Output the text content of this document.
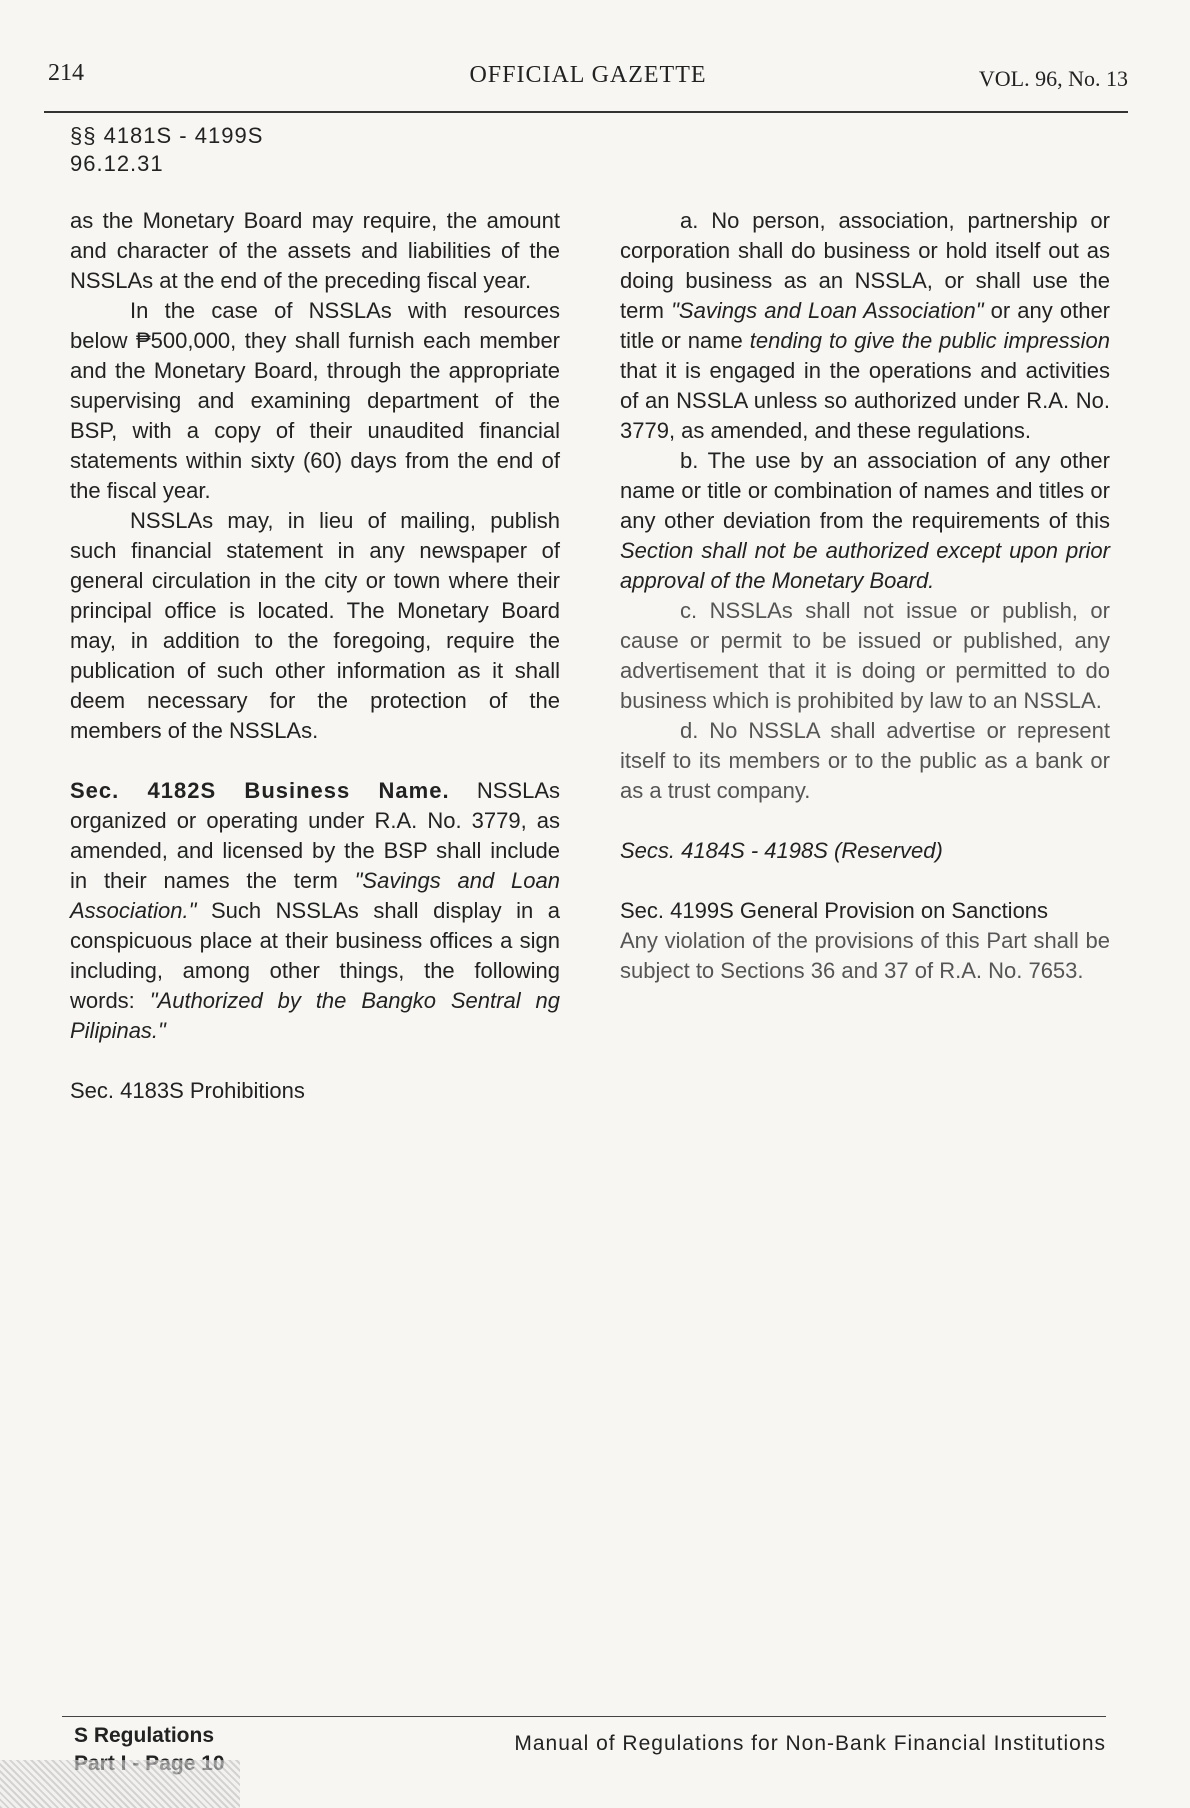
214	OFFICIAL GAZETTE	VOL. 96, No. 13
§§ 4181S - 4199S
96.12.31

as the Monetary Board may require, the amount and character of the assets and liabilities of the NSSLAs at the end of the preceding fiscal year.

In the case of NSSLAs with resources below ₱500,000, they shall furnish each member and the Monetary Board, through the appropriate supervising and examining department of the BSP, with a copy of their unaudited financial statements within sixty (60) days from the end of the fiscal year.

NSSLAs may, in lieu of mailing, publish such financial statement in any newspaper of general circulation in the city or town where their principal office is located. The Monetary Board may, in addition to the foregoing, require the publication of such other information as it shall deem necessary for the protection of the members of the NSSLAs.

Sec. 4182S Business Name. NSSLAs organized or operating under R.A. No. 3779, as amended, and licensed by the BSP shall include in their names the term "Savings and Loan Association." Such NSSLAs shall display in a conspicuous place at their business offices a sign including, among other things, the following words: "Authorized by the Bangko Sentral ng Pilipinas."

Sec. 4183S Prohibitions

a. No person, association, partnership or corporation shall do business or hold itself out as doing business as an NSSLA, or shall use the term "Savings and Loan Association" or any other title or name tending to give the public impression that it is engaged in the operations and activities of an NSSLA unless so authorized under R.A. No. 3779, as amended, and these regulations.

b. The use by an association of any other name or title or combination of names and titles or any other deviation from the requirements of this Section shall not be authorized except upon prior approval of the Monetary Board.

c. NSSLAs shall not issue or publish, or cause or permit to be issued or published, any advertisement that it is doing or permitted to do business which is prohibited by law to an NSSLA.

d. No NSSLA shall advertise or represent itself to its members or to the public as a bank or as a trust company.

Secs. 4184S - 4198S (Reserved)

Sec. 4199S General Provision on Sanctions

Any violation of the provisions of this Part shall be subject to Sections 36 and 37 of R.A. No. 7653.

S Regulations	Manual of Regulations for Non-Bank Financial Institutions
